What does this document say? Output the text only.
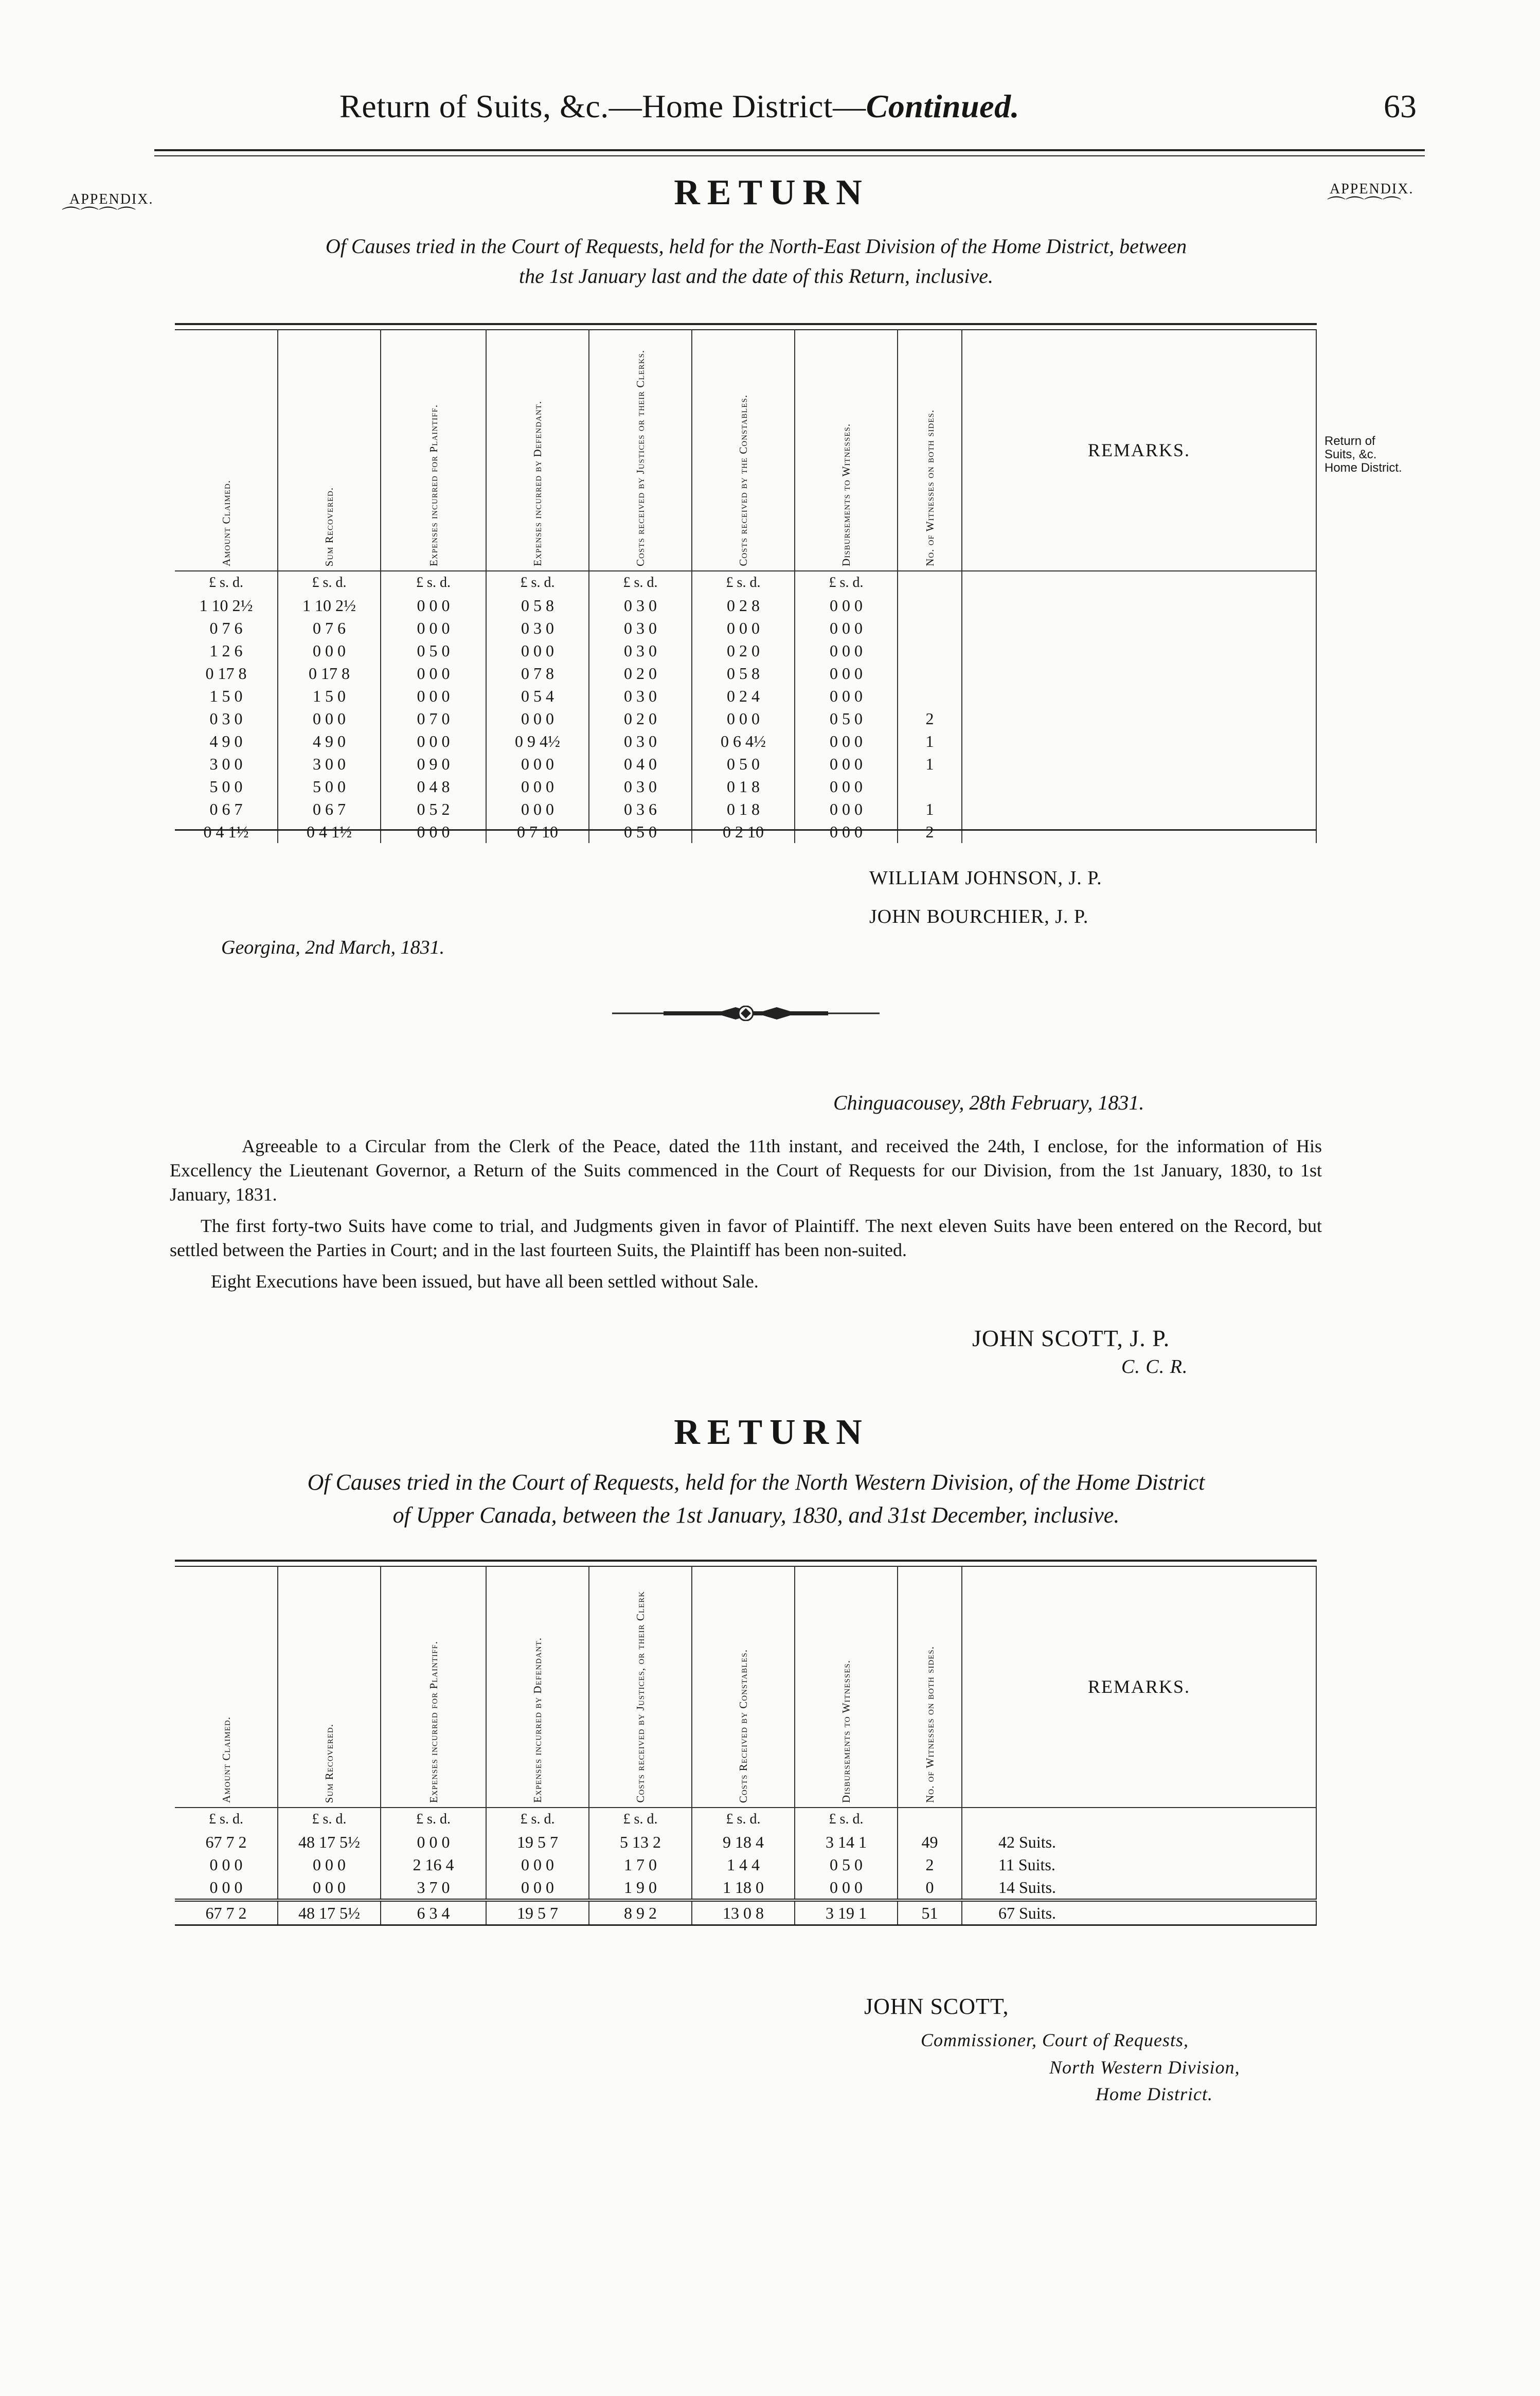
Return of Suits, &c.—Home District—Continued.	63
APPENDIX.
⌒⌒⌒⌒
APPENDIX.
⌒⌒⌒⌒
Return of
Suits, &c.
Home District.
RETURN
Of Causes tried in the Court of Requests, held for the North-East Division of the Home District, between
the 1st January last and the date of this Return, inclusive.
Amount Claimed.	Sum Recovered.	Expenses incurred for Plaintiff.	Expenses incurred by Defendant.	Costs received by Justices or their Clerks.	Costs received by the Constables.	Disbursements to Witnesses.	No. of Witnesses on both sides.	REMARKS.
£ s. d.	£ s. d.	£ s. d.	£ s. d.	£ s. d.	£ s. d.	£ s. d.		
1 10 2½	1 10 2½	0 0 0	0 5 8	0 3 0	0 2 8	0 0 0		
0 7 6	0 7 6	0 0 0	0 3 0	0 3 0	0 0 0	0 0 0		
1 2 6	0 0 0	0 5 0	0 0 0	0 3 0	0 2 0	0 0 0		
0 17 8	0 17 8	0 0 0	0 7 8	0 2 0	0 5 8	0 0 0		
1 5 0	1 5 0	0 0 0	0 5 4	0 3 0	0 2 4	0 0 0		
0 3 0	0 0 0	0 7 0	0 0 0	0 2 0	0 0 0	0 5 0	2	
4 9 0	4 9 0	0 0 0	0 9 4½	0 3 0	0 6 4½	0 0 0	1	
3 0 0	3 0 0	0 9 0	0 0 0	0 4 0	0 5 0	0 0 0	1	
5 0 0	5 0 0	0 4 8	0 0 0	0 3 0	0 1 8	0 0 0		
0 6 7	0 6 7	0 5 2	0 0 0	0 3 6	0 1 8	0 0 0	1	
0 4 1½	0 4 1½	0 0 0	0 7 10	0 5 0	0 2 10	0 0 0	2	
WILLIAM JOHNSON, J. P.
JOHN BOURCHIER, J. P.
Georgina, 2nd March, 1831.
Chinguacousey, 28th February, 1831.

Agreeable to a Circular from the Clerk of the Peace, dated the 11th instant, and received the 24th, I enclose, for the information of His Excellency the Lieutenant Governor, a Return of the Suits commenced in the Court of Requests for our Division, from the 1st January, 1830, to 1st January, 1831.

The first forty-two Suits have come to trial, and Judgments given in favor of Plaintiff. The next eleven Suits have been entered on the Record, but settled between the Parties in Court; and in the last fourteen Suits, the Plaintiff has been non-suited.

Eight Executions have been issued, but have all been settled without Sale.

JOHN SCOTT, J. P.
C. C. R.
RETURN
Of Causes tried in the Court of Requests, held for the North Western Division, of the Home District
of Upper Canada, between the 1st January, 1830, and 31st December, inclusive.
Amount Claimed.	Sum Recovered.	Expenses incurred for Plaintiff.	Expenses incurred by Defendant.	Costs received by Justices, or their Clerk	Costs Received by Constables.	Disbursements to Witnesses.	No. of Witnesses on both sides.	REMARKS.
£ s. d.	£ s. d.	£ s. d.	£ s. d.	£ s. d.	£ s. d.	£ s. d.		
67 7 2	48 17 5½	0 0 0	19 5 7	5 13 2	9 18 4	3 14 1	49	42 Suits.
0 0 0	0 0 0	2 16 4	0 0 0	1 7 0	1 4 4	0 5 0	2	11 Suits.
0 0 0	0 0 0	3 7 0	0 0 0	1 9 0	1 18 0	0 0 0	0	14 Suits.
67 7 2	48 17 5½	6 3 4	19 5 7	8 9 2	13 0 8	3 19 1	51	67 Suits.
JOHN SCOTT,
Commissioner, Court of Requests,
North Western Division,
Home District.
